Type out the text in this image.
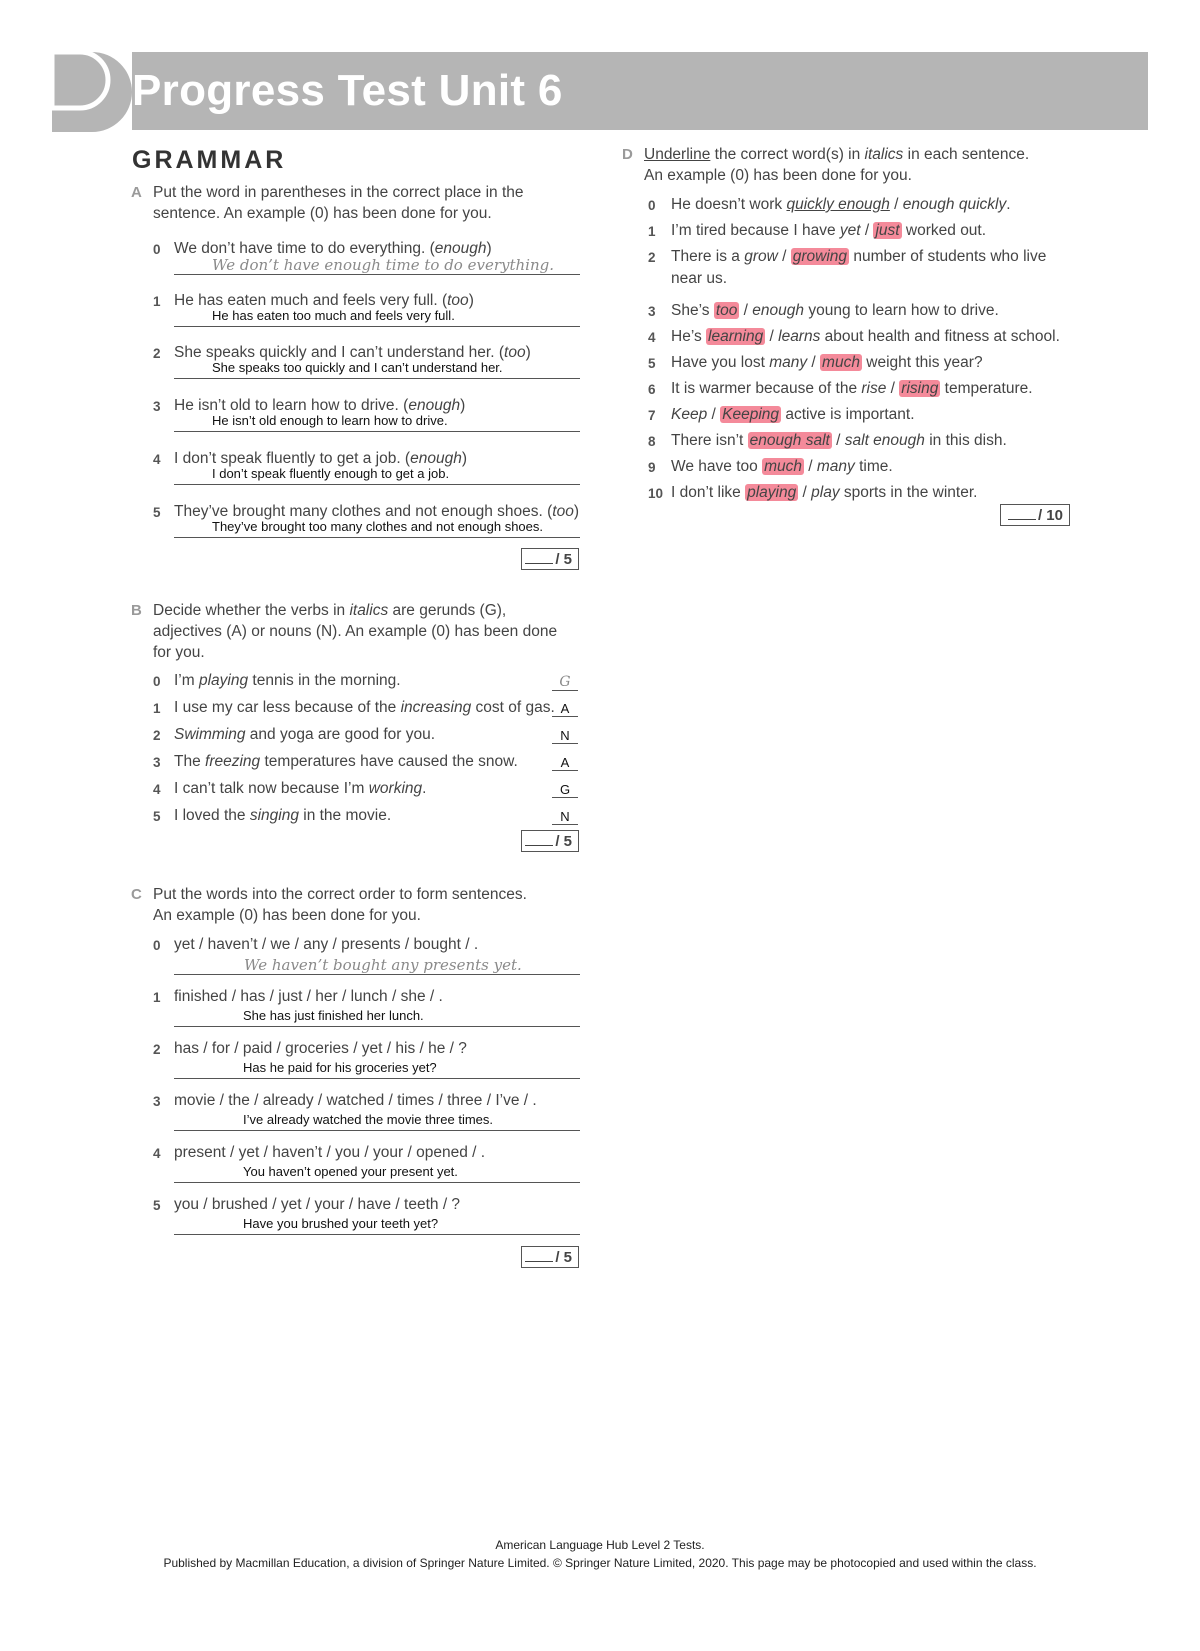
Progress Test Unit 6
GRAMMAR
A Put the word in parentheses in the correct place in the
sentence. An example (0) has been done for you.
0 We don’t have time to do everything. (enough)
We don’t have enough time to do everything.
1 He has eaten much and feels very full. (too)
He has eaten too much and feels very full.
2 She speaks quickly and I can’t understand her. (too)
She speaks too quickly and I can’t understand her.
3 He isn’t old to learn how to drive. (enough)
He isn’t old enough to learn how to drive.
4 I don’t speak fluently to get a job. (enough)
I don’t speak fluently enough to get a job.
5 They’ve brought many clothes and not enough shoes. (too)
They’ve brought too many clothes and not enough shoes.
/ 5
B Decide whether the verbs in italics are gerunds (G),
adjectives (A) or nouns (N). An example (0) has been done
for you.
0 I’m playing tennis in the morning.	G
1 I use my car less because of the increasing cost of gas. A
2 Swimming and yoga are good for you.	N
3 The freezing temperatures have caused the snow.	A
4 I can’t talk now because I’m working.	G
5 I loved the singing in the movie.	N
/ 5
C Put the words into the correct order to form sentences.
An example (0) has been done for you.
0 yet / haven’t / we / any / presents / bought / .
We haven’t bought any presents yet.
1 finished / has / just / her / lunch / she / .
She has just finished her lunch.
2 has / for / paid / groceries / yet / his / he / ?
Has he paid for his groceries yet?
3 movie / the / already / watched / times / three / I’ve / .
I’ve already watched the movie three times.
4 present / yet / haven’t / you / your / opened / .
You haven’t opened your present yet.
5 you / brushed / yet / your / have / teeth / ?
Have you brushed your teeth yet?
/ 5
D Underline the correct word(s) in italics in each sentence.
An example (0) has been done for you.
0 He doesn’t work quickly enough / enough quickly.
1 I’m tired because I have yet / just worked out.
2 There is a grow / growing number of students who live
near us.
3 She’s too / enough young to learn how to drive.
4 He’s learning / learns about health and fitness at school.
5 Have you lost many / much weight this year?
6 It is warmer because of the rise / rising temperature.
7 Keep / Keeping active is important.
8 There isn’t enough salt / salt enough in this dish.
9 We have too much / many time.
10 I don’t like playing / play sports in the winter.
/ 10
American Language Hub Level 2 Tests.
Published by Macmillan Education, a division of Springer Nature Limited. © Springer Nature Limited, 2020. This page may be photocopied and used within the class.
